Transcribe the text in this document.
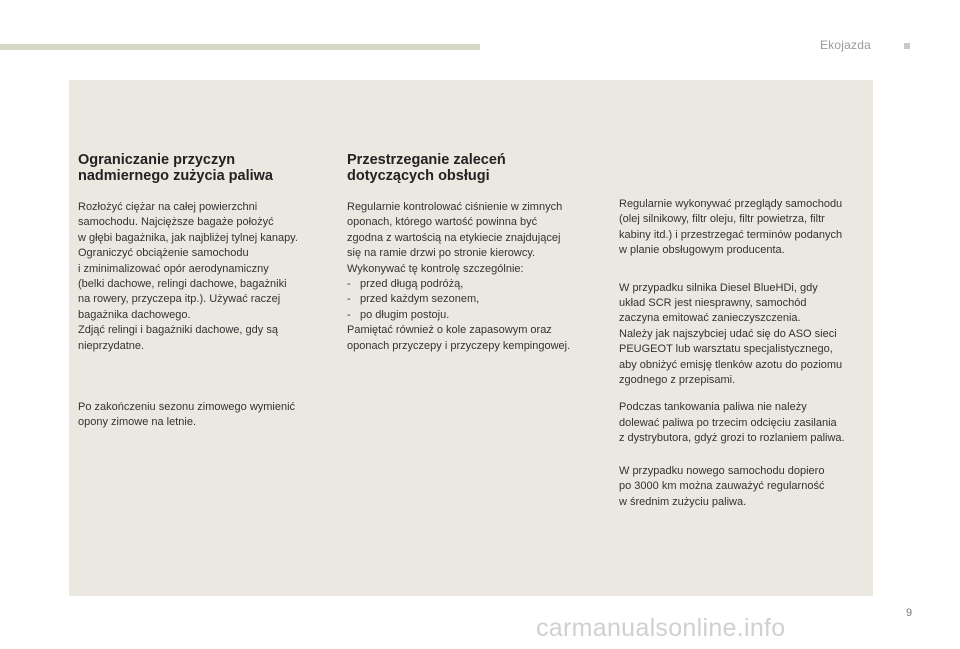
Ekojazda
Ograniczanie przyczyn
nadmiernego zużycia paliwa

Rozłożyć ciężar na całej powierzchni
samochodu. Najcięższe bagaże położyć
w głębi bagażnika, jak najbliżej tylnej kanapy.
Ograniczyć obciążenie samochodu
i zminimalizować opór aerodynamiczny
(belki dachowe, relingi dachowe, bagażniki
na rowery, przyczepa itp.). Używać raczej
bagażnika dachowego.
Zdjąć relingi i bagażniki dachowe, gdy są
nieprzydatne.

Po zakończeniu sezonu zimowego wymienić
opony zimowe na letnie.

Przestrzeganie zaleceń
dotyczących obsługi

Regularnie kontrolować ciśnienie w zimnych
oponach, którego wartość powinna być
zgodna z wartością na etykiecie znajdującej
się na ramie drzwi po stronie kierowcy.
Wykonywać tę kontrolę szczególnie:

- przed długą podróżą,

- przed każdym sezonem,

- po długim postoju.

Pamiętać również o kole zapasowym oraz
oponach przyczepy i przyczepy kempingowej.

Regularnie wykonywać przeglądy samochodu
(olej silnikowy, filtr oleju, filtr powietrza, filtr
kabiny itd.) i przestrzegać terminów podanych
w planie obsługowym producenta.

W przypadku silnika Diesel BlueHDi, gdy
układ SCR jest niesprawny, samochód
zaczyna emitować zanieczyszczenia.
Należy jak najszybciej udać się do ASO sieci
PEUGEOT lub warsztatu specjalistycznego,
aby obniżyć emisję tlenków azotu do poziomu
zgodnego z przepisami.

Podczas tankowania paliwa nie należy
dolewać paliwa po trzecim odcięciu zasilania
z dystrybutora, gdyż grozi to rozlaniem paliwa.

W przypadku nowego samochodu dopiero
po 3000 km można zauważyć regularność
w średnim zużyciu paliwa.

9
carmanualsonline.info
